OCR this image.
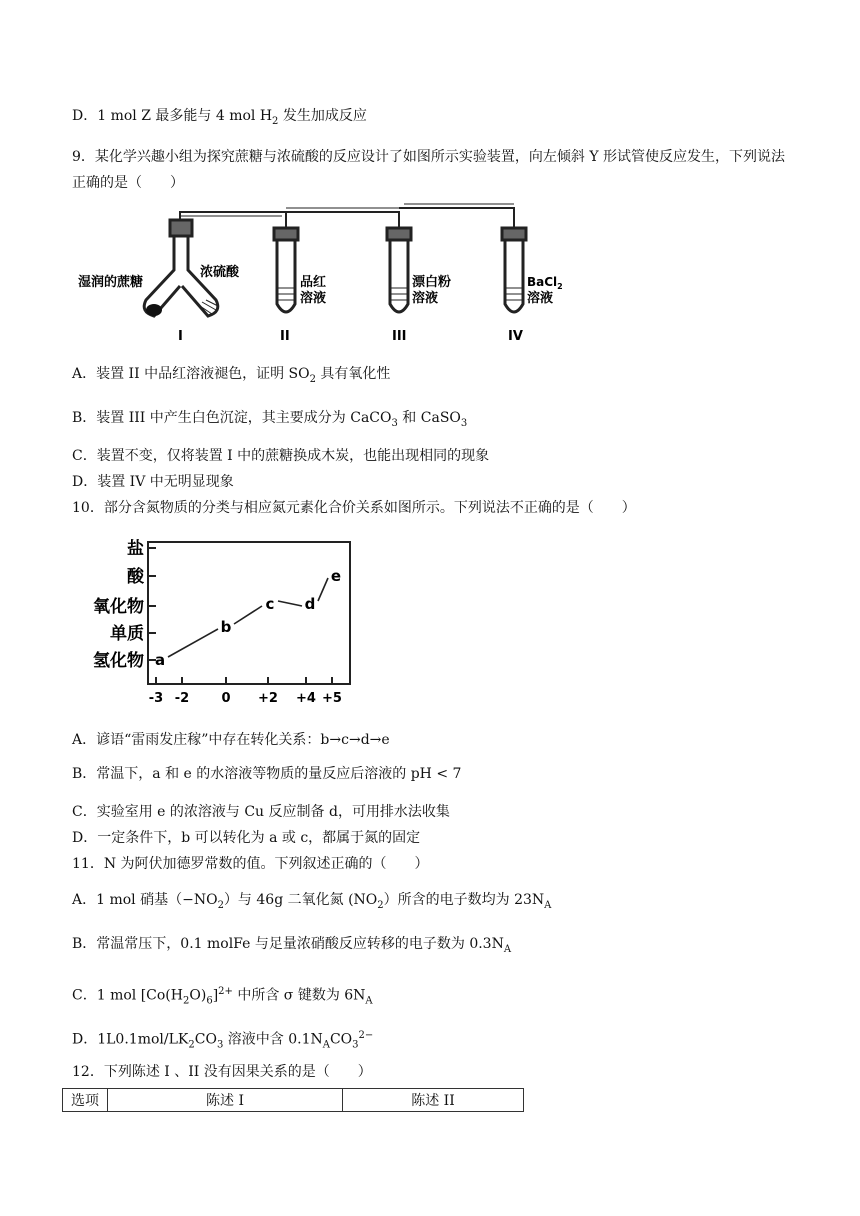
D．1 mol Z 最多能与 4 mol $H_2$ 发生加成反应
9．某化学兴趣小组为探究蔗糖与浓硫酸的反应设计了如图所示实验装置，向左倾斜 Y 形试管使反应发生，下列说法正确的是（　　）
湿润的蔗糖
浓硫酸
品红
溶液
漂白粉
溶液
BaCl$_2$
溶液
I	II	III	IV
A．装置 II 中品红溶液褪色，证明 $SO_2$ 具有氧化性
B．装置 III 中产生白色沉淀，其主要成分为 CaCO$_3$ 和 CaSO$_3$
C．装置不变，仅将装置 I 中的蔗糖换成木炭，也能出现相同的现象
D．装置 IV 中无明显现象
10．部分含氮物质的分类与相应氮元素化合价关系如图所示。下列说法不正确的是（　　）
盐
酸
氧化物
单质
氢化物
-3 -2 0 +2 +4 +5
a
b
c d
e
A．谚语“雷雨发庄稼”中存在转化关系：b→c→d→e
B．常温下，a 和 e 的水溶液等物质的量反应后溶液的 pH < 7
C．实验室用 e 的浓溶液与 Cu 反应制备 d，可用排水法收集
D．一定条件下，b 可以转化为 a 或 c，都属于氮的固定
11．N 为阿伏加德罗常数的值。下列叙述正确的（　　）
A．1 mol 硝基$(-NO_2)$与 46g 二氧化氮 $(NO_2)$所含的电子数均为 $23N_A$
B．常温常压下，0.1 molFe 与足量浓硝酸反应转移的电子数为 $0.3N_A$
C．1 mol $[Co(H_2O)_6]^{2+}$ 中所含 σ 键数为 $6N_A$
D．$1L0.1mol/LK_2CO_3$ 溶液中含 $0.1N_ACO_3^{2-}$
12．下列陈述 I 、II 没有因果关系的是（　　）
选项	陈述 I	陈述 II
